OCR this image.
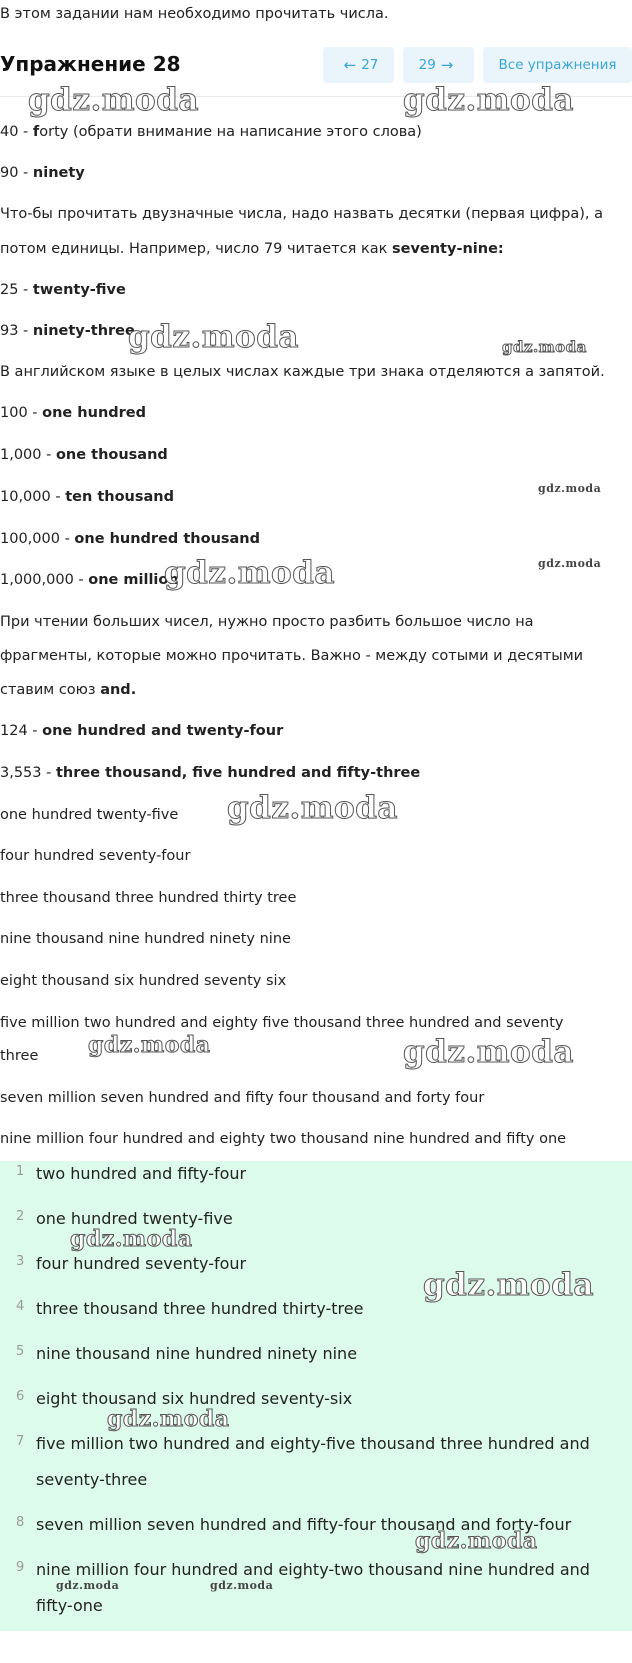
В этом задании нам необходимо прочитать числа.
Упражнение 28	← 27	29 →	Все упражнения
40 - forty (обрати внимание на написание этого слова)
90 - ninety
Что-бы прочитать двузначные числа, надо назвать десятки (первая цифра), а
потом единицы. Например, число 79 читается как seventy-nine:
25 - twenty-five
93 - ninety-three
В английском языке в целых числах каждые три знака отделяются а запятой.
100 - one hundred
1,000 - one thousand
10,000 - ten thousand
100,000 - one hundred thousand
1,000,000 - one million
При чтении больших чисел, нужно просто разбить большое число на
фрагменты, которые можно прочитать. Важно - между сотыми и десятыми
ставим союз and.
124 - one hundred and twenty-four
3,553 - three thousand, five hundred and fifty-three
one hundred twenty-five
four hundred seventy-four
three thousand three hundred thirty tree
nine thousand nine hundred ninety nine
eight thousand six hundred seventy six
five million two hundred and eighty five thousand three hundred and seventy
three
seven million seven hundred and fifty four thousand and forty four
nine million four hundred and eighty two thousand nine hundred and fifty one
1 two hundred and fifty-four
2 one hundred twenty-five
3 four hundred seventy-four
4 three thousand three hundred thirty-tree
5 nine thousand nine hundred ninety nine
6 eight thousand six hundred seventy-six
7 five million two hundred and eighty-five thousand three hundred and
seventy-three
8 seven million seven hundred and fifty-four thousand and forty-four
9 nine million four hundred and eighty-two thousand nine hundred and
fifty-one
gdz.moda	gdz.moda
gdz.moda	gdz.moda
gdz.moda
gdz.moda
gdz.moda
gdz.moda
gdz.moda	gdz.moda
gdz.moda
gdz.moda
gdz.moda
gdz.moda
gdz.moda	gdz.moda
